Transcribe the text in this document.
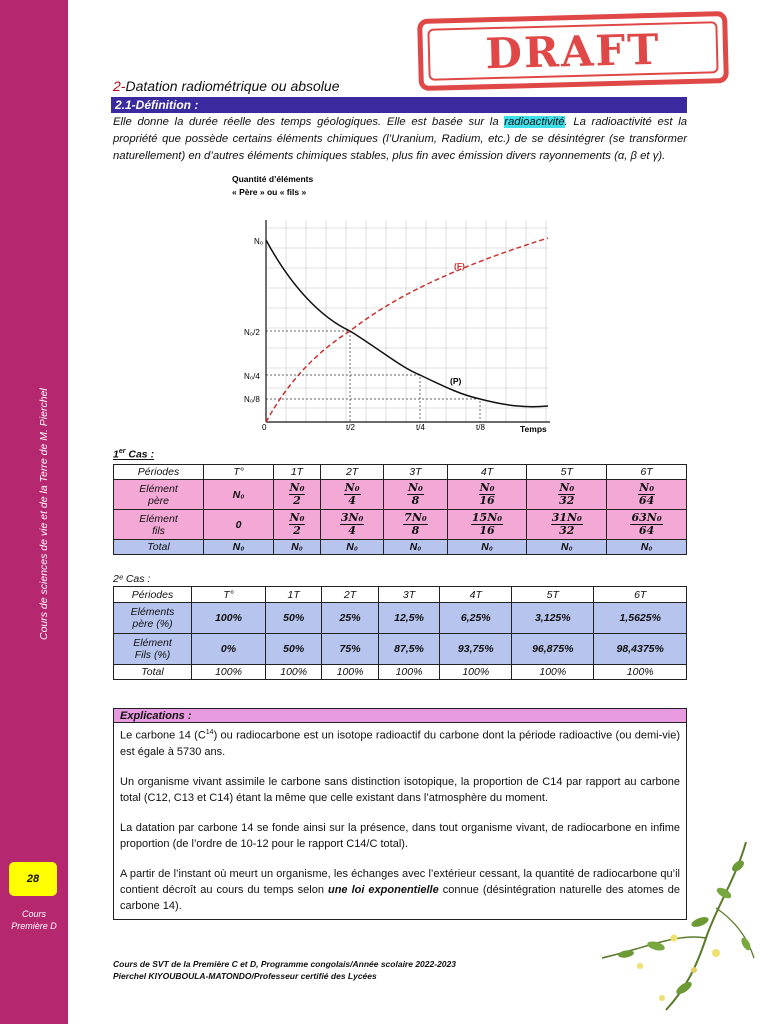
Cours de sciences de vie et de la Terre de M. Pierchel
28
Cours
Première D
DRAFT
2-Datation radiométrique ou absolue
2.1-Définition :
Elle donne la durée réelle des temps géologiques. Elle est basée sur la radioactivité. La radioactivité est la propriété que possède certains éléments chimiques (l’Uranium, Radium, etc.) de se désintégrer (se transformer naturellement) en d’autres éléments chimiques stables, plus fin avec émission divers rayonnements (α, β et γ).
Quantité d’éléments
« Père » ou « fils »
N₀
N₀/2
N₀/4
N₀/8
0	t/2	t/4	t/8	Temps
(F)
(P)
1er Cas :
Périodes	T°	1T	2T	3T	4T	5T	6T
Elément
père	N₀	$\frac{\text{N₀}}{2}$	$\frac{\text{N₀}}{4}$	$\frac{\text{N₀}}{8}$	$\frac{\text{N₀}}{16}$	$\frac{\text{N₀}}{32}$	$\frac{\text{N₀}}{64}$

Elément
fils	0	$\frac{\text{N₀}}{2}$	$\frac{\text{3N₀}}{4}$	$\frac{\text{7N₀}}{8}$	$\frac{\text{15N₀}}{16}$	$\frac{\text{31N₀}}{32}$	$\frac{\text{63N₀}}{64}$

Total	N₀	N₀	N₀	N₀	N₀	N₀	N₀
2ᵉ Cas :
Périodes	T°	1T	2T	3T	4T	5T	6T
Eléments
père (%)	100%	50%	25%	12,5%	6,25%	3,125%	1,5625%
Elément
Fils (%)	0%	50%	75%	87,5%	93,75%	96,875%	98,4375%
Total	100%	100%	100%	100%	100%	100%	100%
Explications :

Le carbone 14 $(C^{14})$ ou radiocarbone est un isotope radioactif du carbone dont la période radioactive (ou demi-vie) est égale à 5730 ans.

Un organisme vivant assimile le carbone sans distinction isotopique, la proportion de C14 par rapport au carbone total (C12, C13 et C14) étant la même que celle existant dans l’atmosphère du moment.

La datation par carbone 14 se fonde ainsi sur la présence, dans tout organisme vivant, de radiocarbone en infime proportion (de l’ordre de 10-12 pour le rapport C14/C total).

A partir de l’instant où meurt un organisme, les échanges avec l’extérieur cessant, la quantité de radiocarbone qu’il contient décroît au cours du temps selon une loi exponentielle connue (désintégration naturelle des atomes de carbone 14).

Cours de SVT de la Première C et D, Programme congolais/Année scolaire 2022-2023
Pierchel KIYOUBOULA-MATONDO/Professeur certifié des Lycées
